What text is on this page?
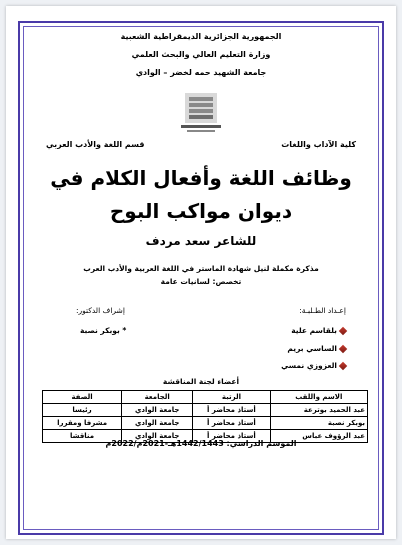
الجمهورية الجزائرية الديمقراطية الشعبية
وزارة التعليم العالي والبحث العلمي
جامعة الشهيد حمه لخضر – الوادي
كلية الآداب واللغات
قسم اللغة والأدب العربي
وظائف اللغة وأفعال الكلام في
ديوان مواكب البوح
للشاعر سعد مردف
مذكرة مكملة لنيل شهادة الماستر في اللغة العربية والأدب العرب
تخصص: لسانيات عامة
إعـداد الطـلبـة:
إشراف الدكتور:
بلقاسم علية
* بوبكر نصبة
الساسي بريم
العزوزي نمسي
أعضاء لجنة المناقشة
الاسم واللقب	الرتبة	الجامعة	الصفة
عبد الحميد بوترعة	أستاذ محاضر أ	جامعة الوادي	رئيسا
بوبكر نصبة	أستاذ محاضر أ	جامعة الوادي	مشرفا ومقررا
عبد الرؤوف عباس	أستاذ محاضر أ	جامعة الوادي	مناقشا
الموسم الدراسي: 1442/1443هـ-2021م/2022م
